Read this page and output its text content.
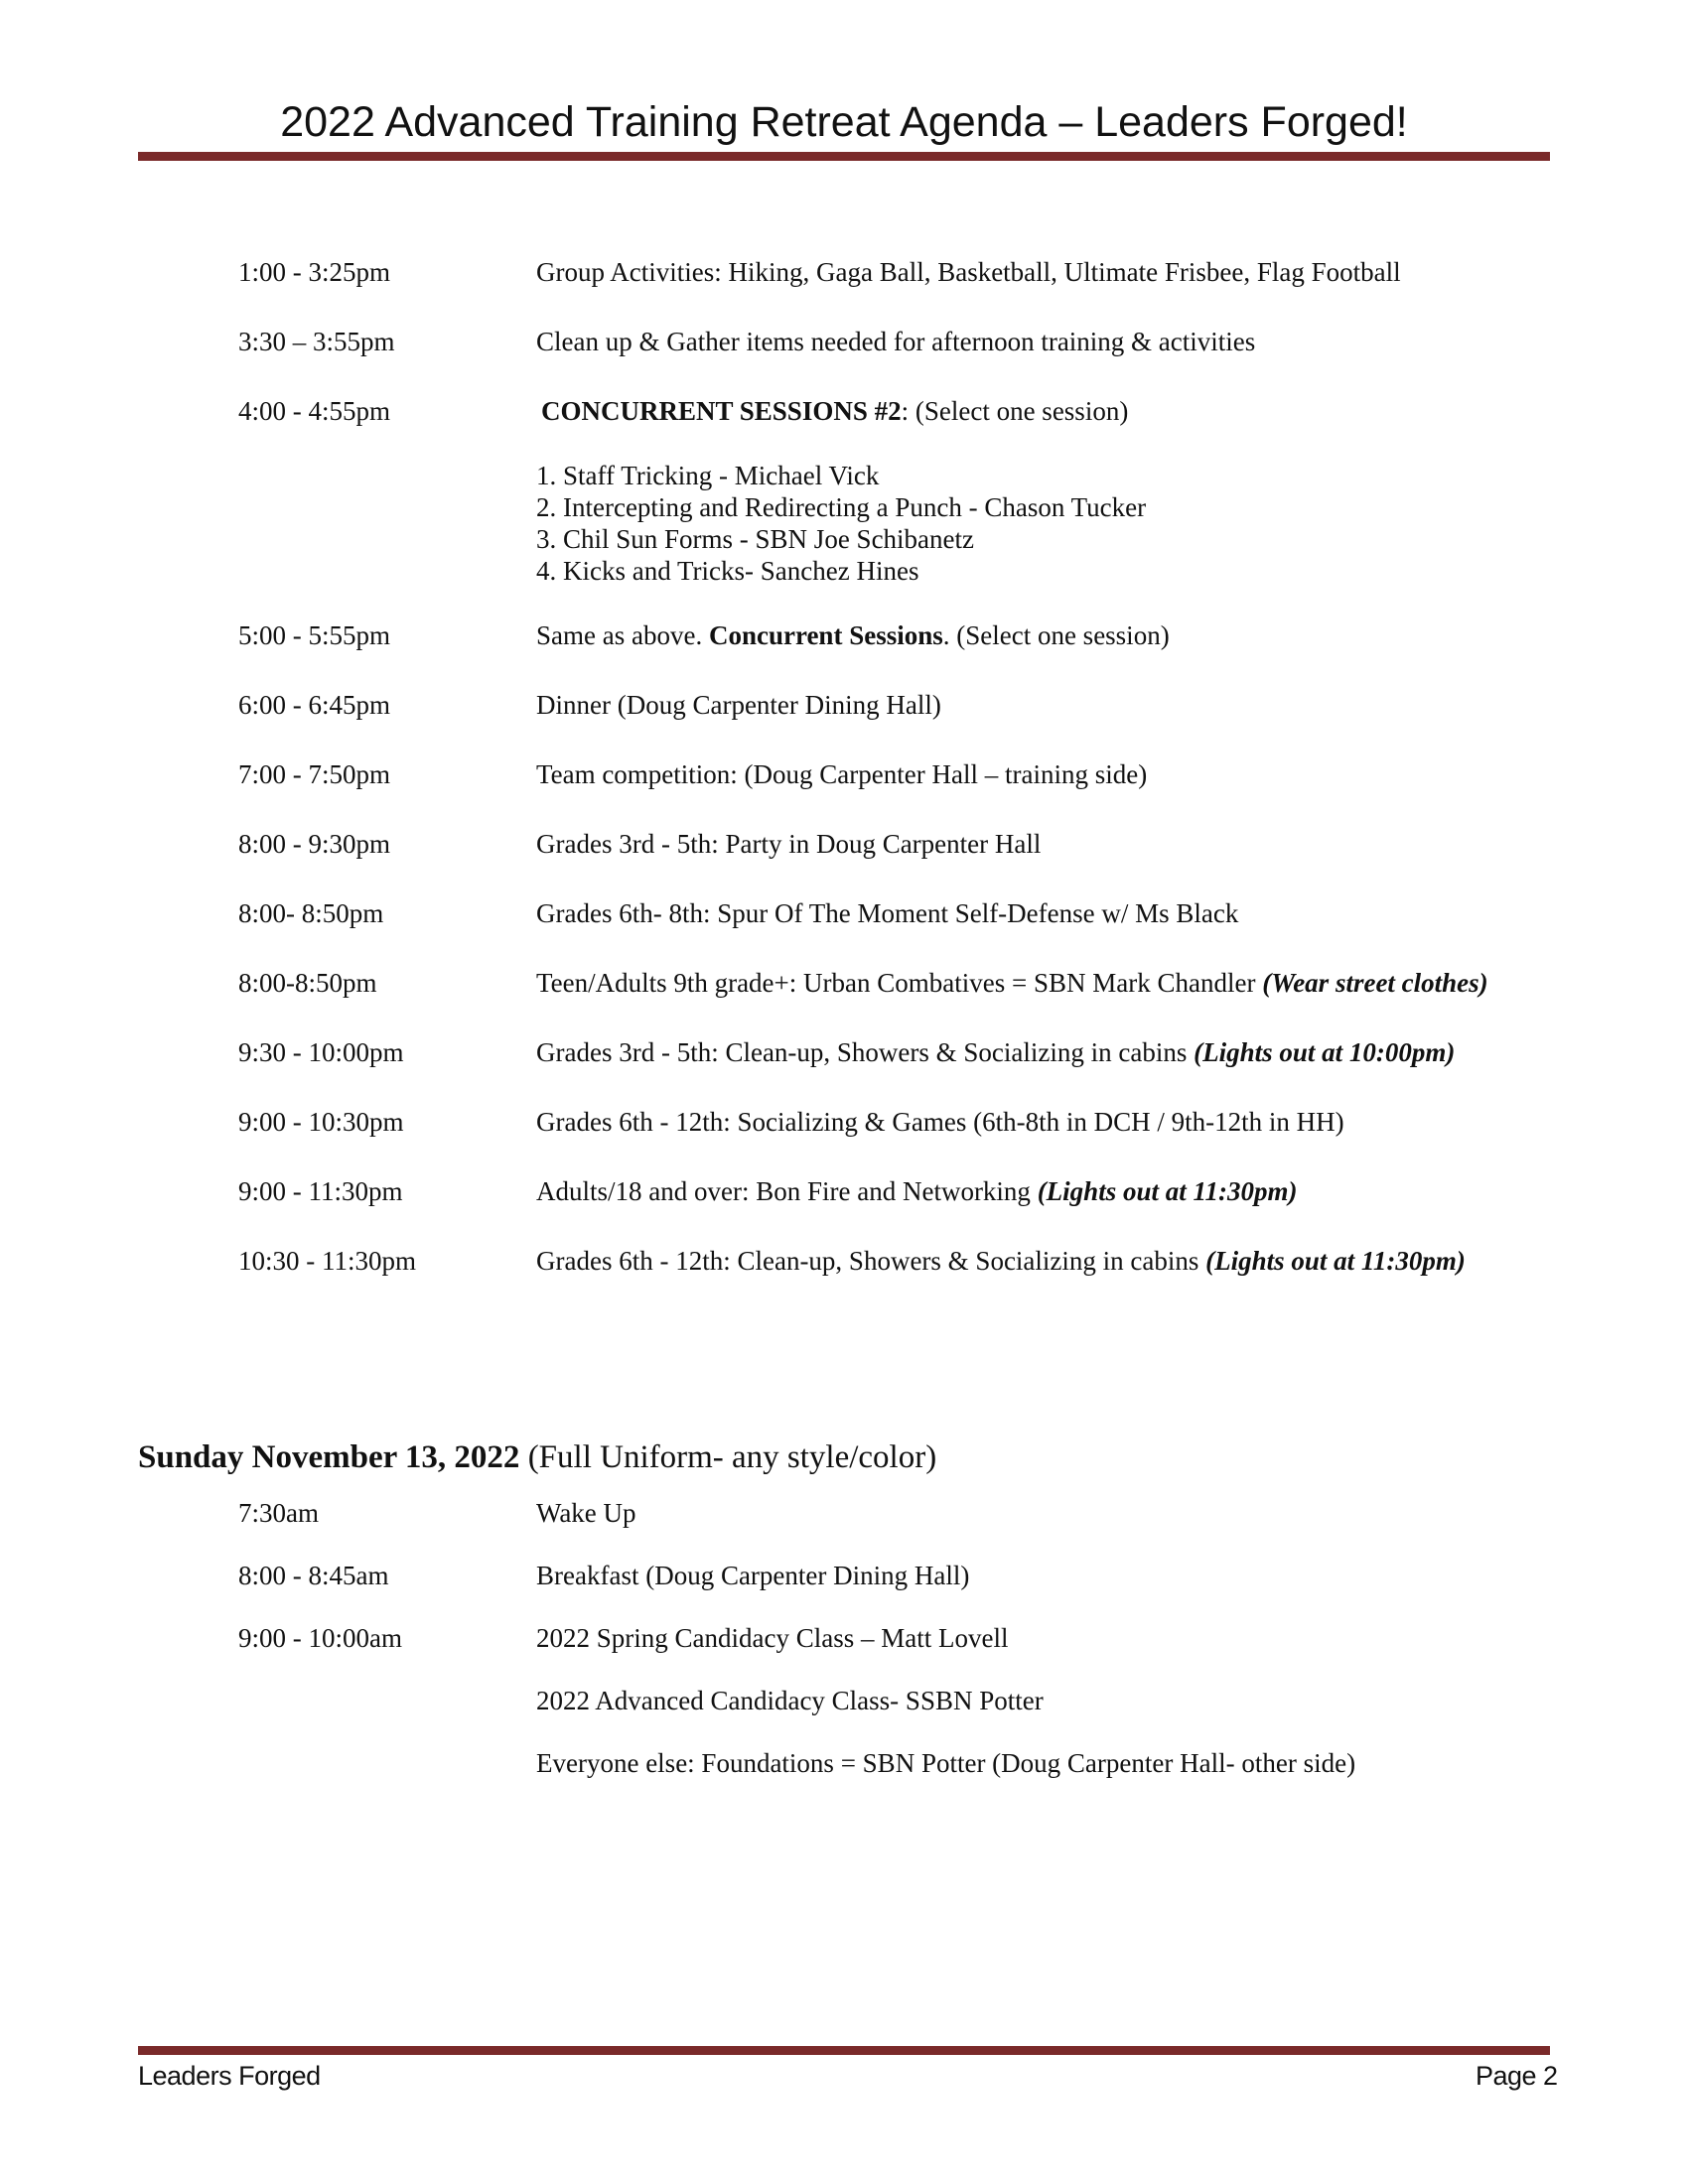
2022 Advanced Training Retreat Agenda – Leaders Forged!
1:00 - 3:25pm	Group Activities: Hiking, Gaga Ball, Basketball, Ultimate Frisbee, Flag Football
3:30 – 3:55pm	Clean up & Gather items needed for afternoon training & activities
4:00 - 4:55pm	CONCURRENT SESSIONS #2: (Select one session)
1. Staff Tricking - Michael Vick
2. Intercepting and Redirecting a Punch - Chason Tucker
3. Chil Sun Forms - SBN Joe Schibanetz
4. Kicks and Tricks- Sanchez Hines
5:00 - 5:55pm	Same as above. Concurrent Sessions. (Select one session)
6:00 - 6:45pm	Dinner (Doug Carpenter Dining Hall)
7:00 - 7:50pm	Team competition: (Doug Carpenter Hall – training side)
8:00 - 9:30pm	Grades 3rd - 5th: Party in Doug Carpenter Hall
8:00- 8:50pm	Grades 6th- 8th: Spur Of The Moment Self-Defense w/ Ms Black
8:00-8:50pm	Teen/Adults 9th grade+: Urban Combatives = SBN Mark Chandler (Wear street clothes)
9:30 - 10:00pm	Grades 3rd - 5th: Clean-up, Showers & Socializing in cabins (Lights out at 10:00pm)
9:00 - 10:30pm	Grades 6th - 12th: Socializing & Games (6th-8th in DCH / 9th-12th in HH)
9:00 - 11:30pm	Adults/18 and over: Bon Fire and Networking (Lights out at 11:30pm)
10:30 - 11:30pm	Grades 6th - 12th: Clean-up, Showers & Socializing in cabins (Lights out at 11:30pm)
Sunday November 13, 2022 (Full Uniform- any style/color)
7:30am	Wake Up
8:00 - 8:45am	Breakfast (Doug Carpenter Dining Hall)
9:00 - 10:00am	2022 Spring Candidacy Class – Matt Lovell
2022 Advanced Candidacy Class- SSBN Potter
Everyone else: Foundations = SBN Potter (Doug Carpenter Hall- other side)
Leaders Forged	Page 2
